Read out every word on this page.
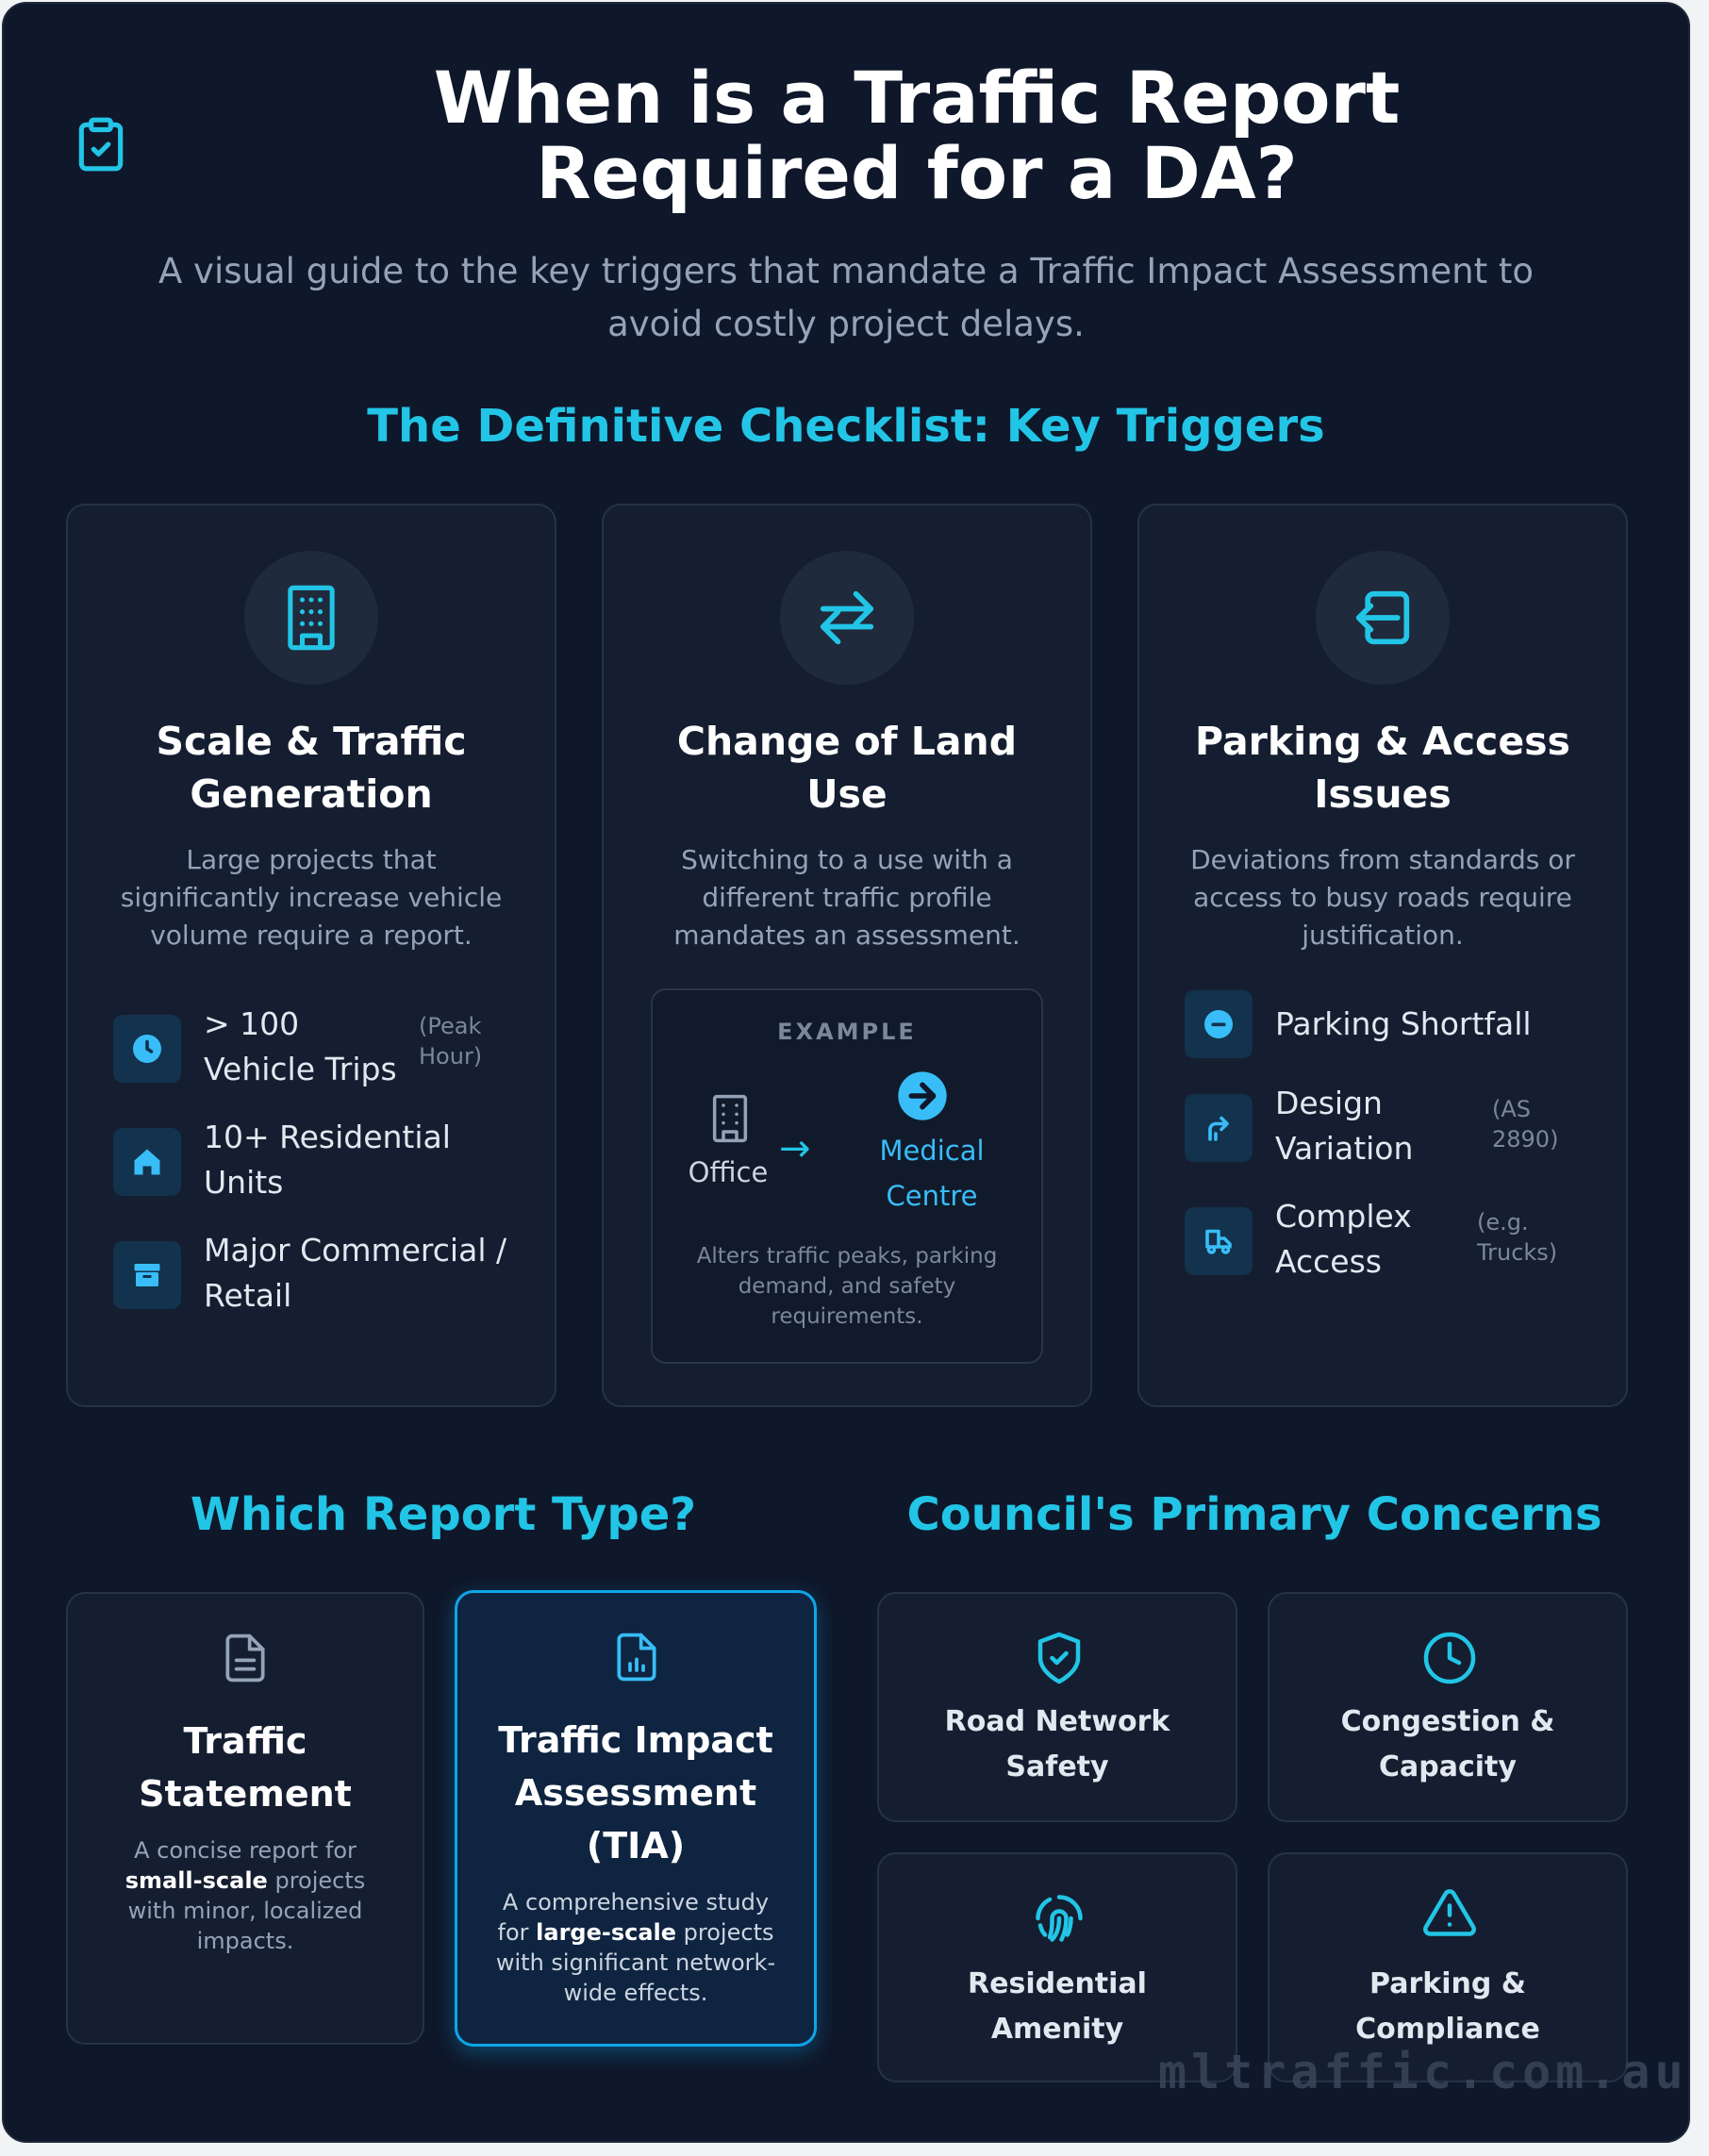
When is a Traffic Report Required for a DA?
A visual guide to the key triggers that mandate a Traffic Impact Assessment to avoid costly project delays.
The Definitive Checklist: Key Triggers
Scale & Traffic Generation
Large projects that significantly increase vehicle volume require a report.
> 100 Vehicle Trips
(Peak Hour)
10+ Residential Units
Major Commercial / Retail
Change of Land Use
Switching to a use with a different traffic profile mandates an assessment.
EXAMPLE
Office
→	Medical Centre
Alters traffic peaks, parking demand, and safety requirements.
Parking & Access Issues
Deviations from standards or access to busy roads require justification.
Parking Shortfall
Design Variation
(AS 2890)
Complex Access
(e.g. Trucks)
Which Report Type?	Council's Primary Concerns
Traffic Statement
A concise report for small-scale projects with minor, localized impacts.
Traffic Impact Assessment (TIA)
A comprehensive study for large-scale projects with significant network-wide effects.
Road Network Safety
Congestion & Capacity
Residential Amenity
Parking & Compliance
mltraffic.com.au
